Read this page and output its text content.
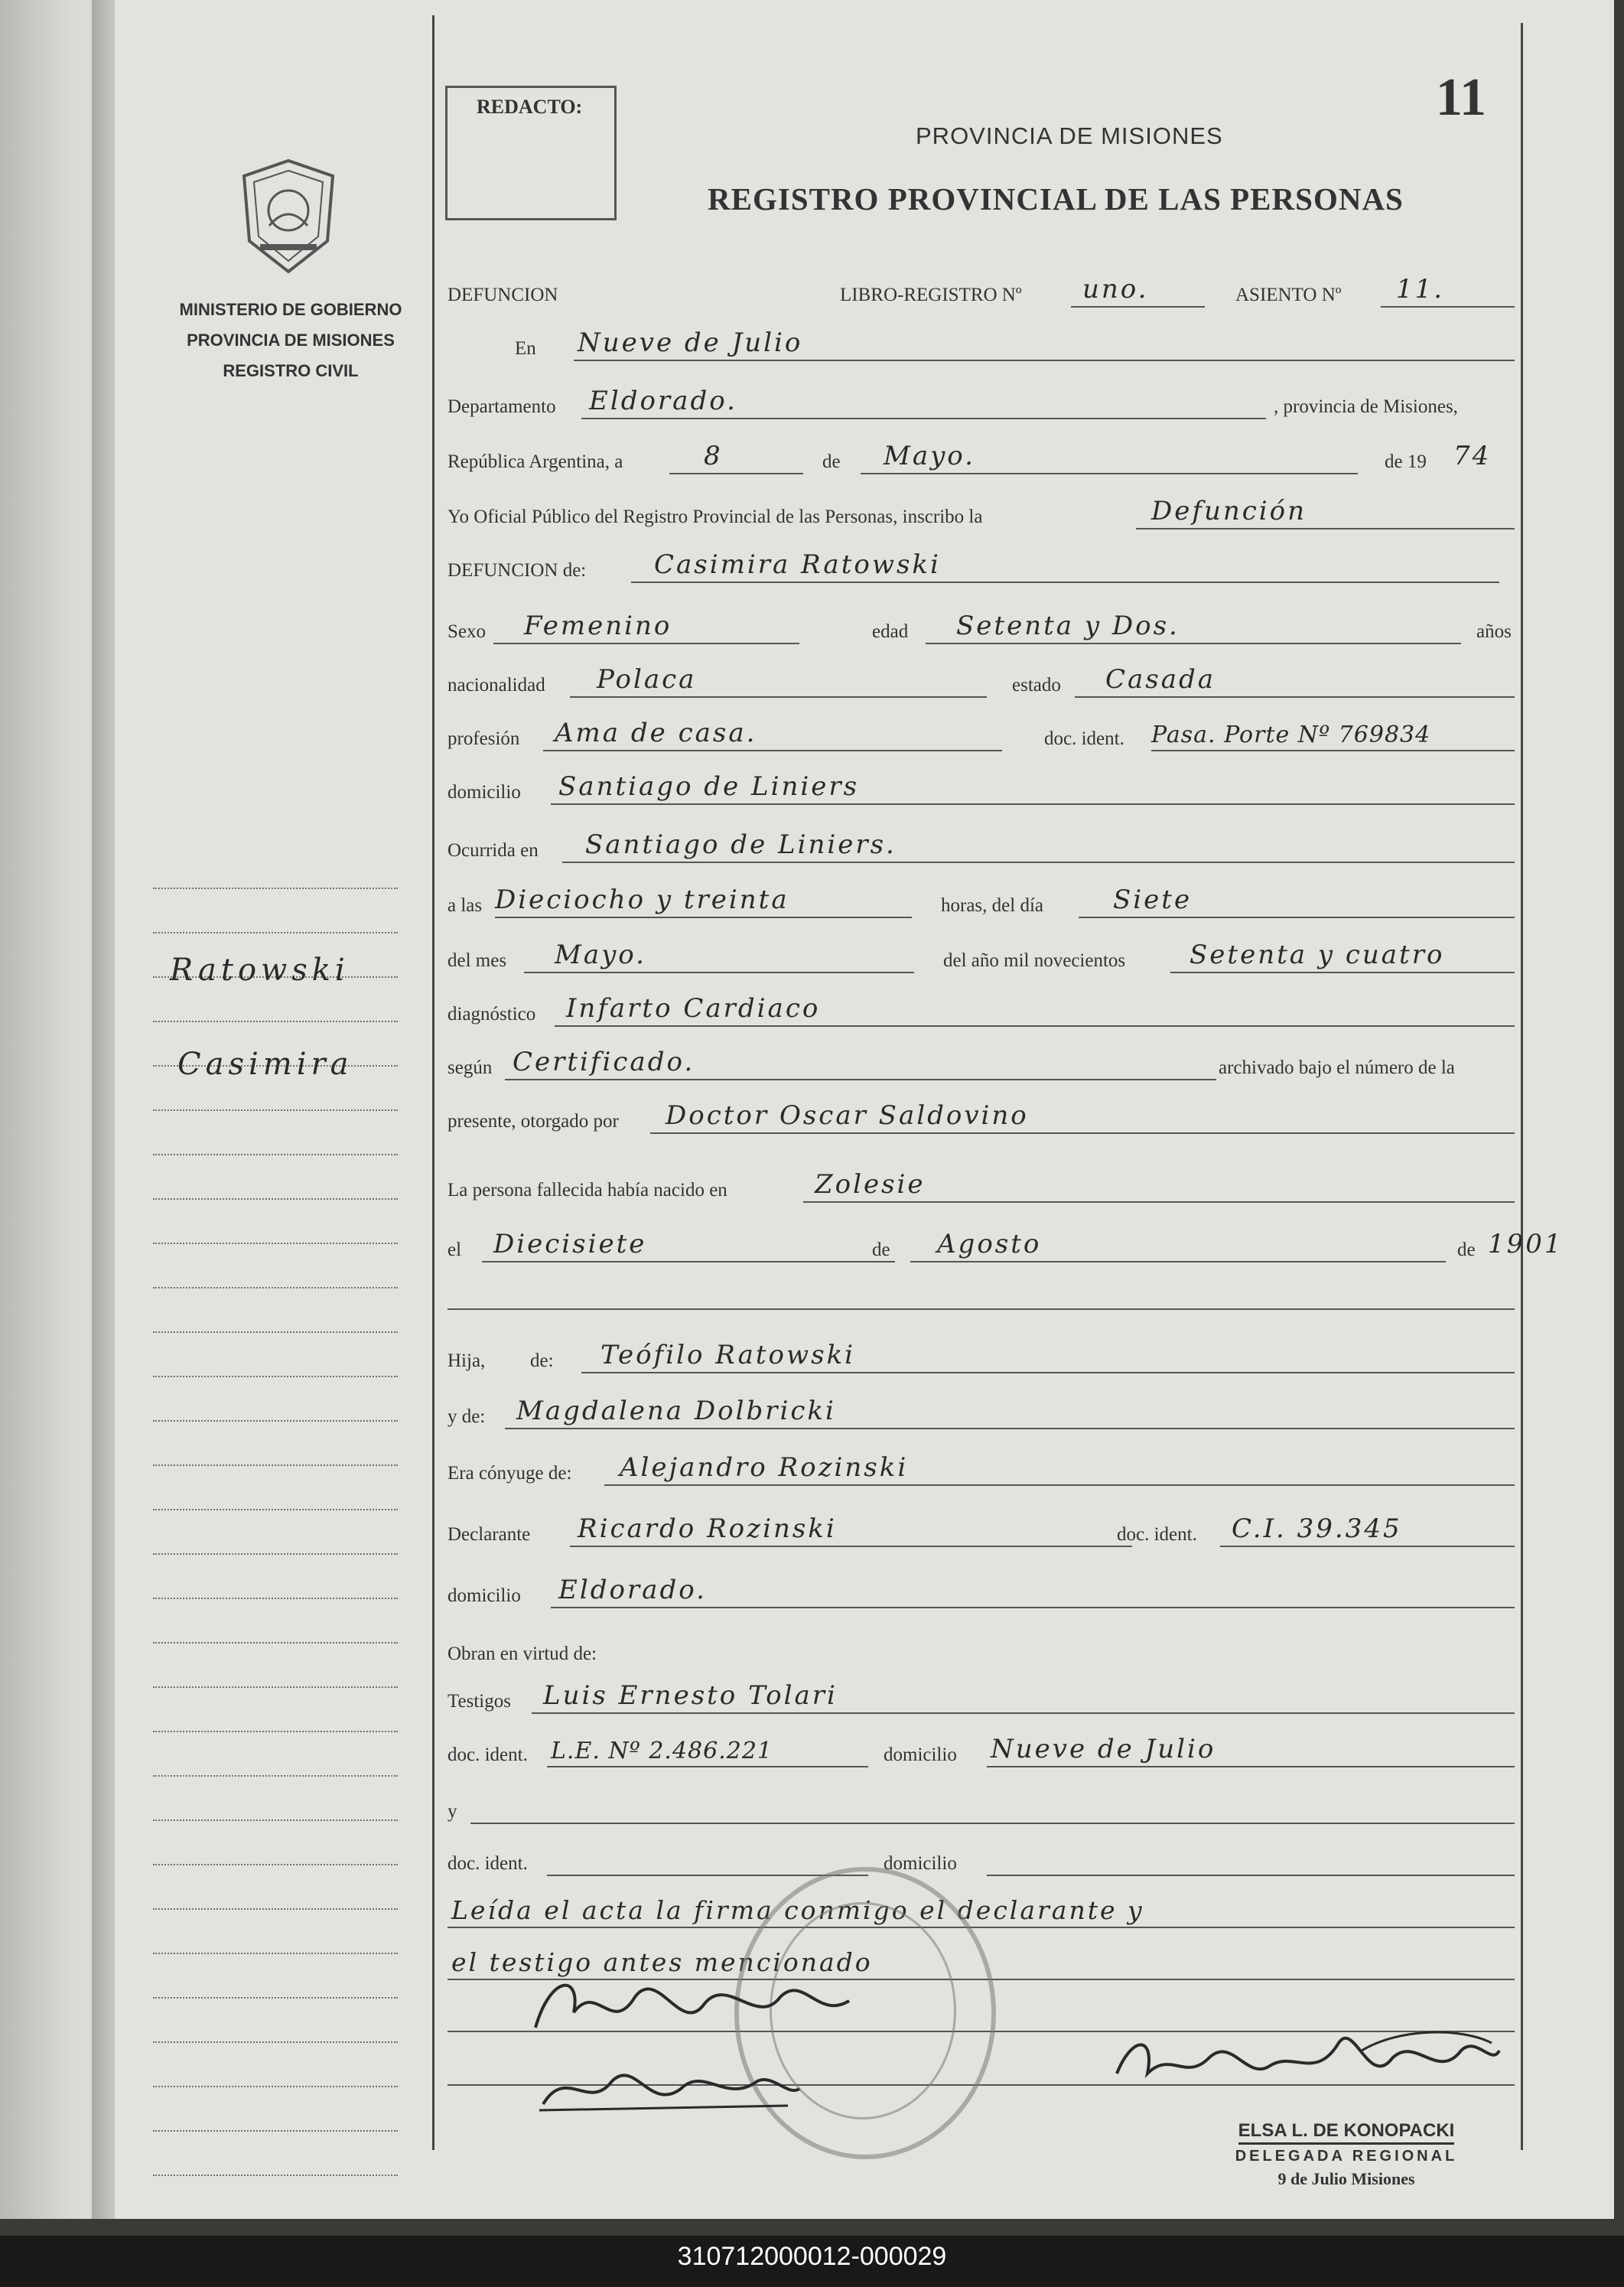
MINISTERIO DE GOBIERNO
PROVINCIA DE MISIONES
REGISTRO CIVIL
Ratowski
Casimira
REDACTO:	11
PROVINCIA DE MISIONES
REGISTRO PROVINCIAL DE LAS PERSONAS
DEFUNCION	LIBRO-REGISTRO Nº uno.	ASIENTO Nº 11.
En Nueve de Julio
Departamento Eldorado.	, provincia de Misiones,
República Argentina, a	8	de Mayo.	de 19 74
Yo Oficial Público del Registro Provincial de las Personas, inscribo la	Defunción
DEFUNCION de:	Casimira Ratowski
Sexo Femenino	edad Setenta y Dos.	años
nacionalidad Polaca	estado Casada
profesión Ama de casa.	doc. ident. Pasa. Porte Nº 769834
domicilio Santiago de Liniers
Ocurrida en Santiago de Liniers.
a las Dieciocho y treinta	horas, del día	Siete
del mes Mayo.	del año mil novecientos Setenta y cuatro
diagnóstico Infarto Cardiaco
según Certificado.	archivado bajo el número de la
presente, otorgado por Doctor Oscar Saldovino
La persona fallecida había nacido en	Zolesie
el Diecisiete	de Agosto	de 1901
Hija, de: Teófilo Ratowski
y de: Magdalena Dolbricki
Era cónyuge de: Alejandro Rozinski
Declarante Ricardo Rozinski	doc. ident. C.I. 39.345
domicilio Eldorado.
Obran en virtud de:
Testigos Luis Ernesto Tolari
doc. ident. L.E. Nº 2.486.221	domicilio Nueve de Julio
y
doc. ident.	domicilio
Leída el acta la firma conmigo el declarante y
el testigo antes mencionado
ELSA L. DE KONOPACKI
DELEGADA REGIONAL
9 de Julio Misiones
310712000012-000029
